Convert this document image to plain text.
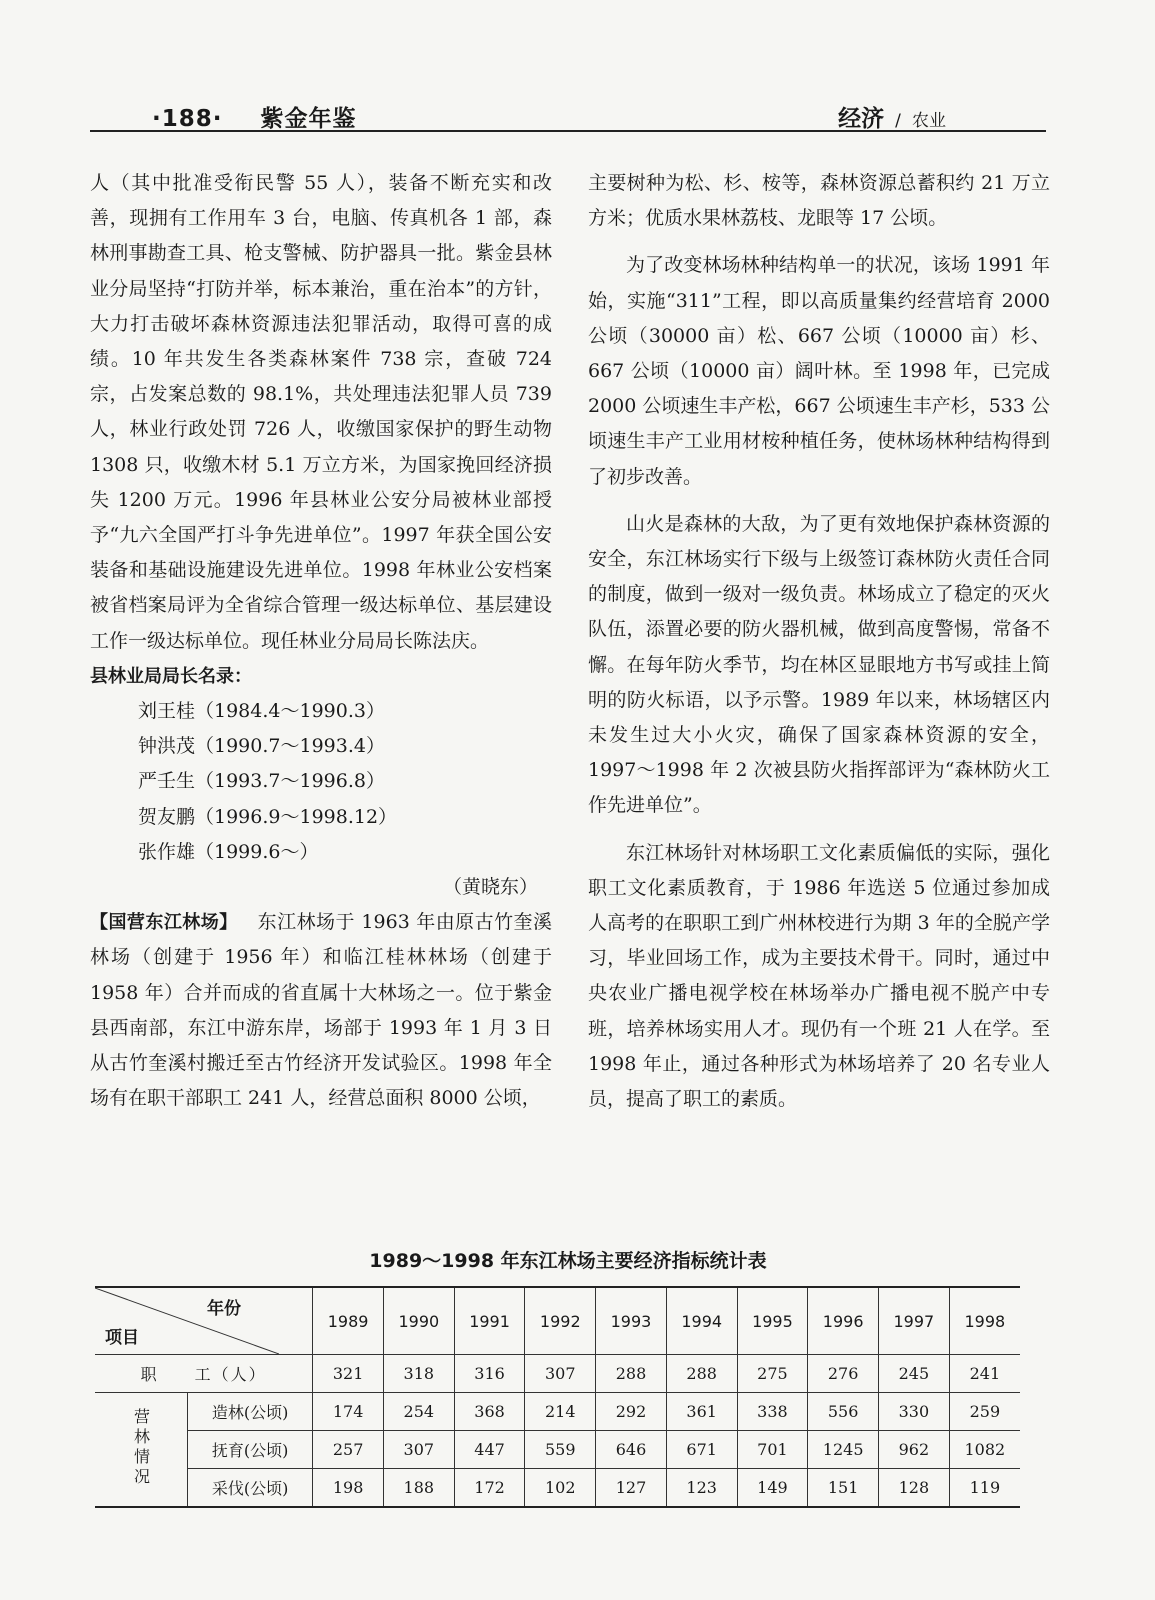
·188· 紫金年鉴	经济 / 农业

人（其中批准受衔民警 55 人），装备不断充实和改善，现拥有工作用车 3 台，电脑、传真机各 1 部，森林刑事勘查工具、枪支警械、防护器具一批。紫金县林业分局坚持“打防并举，标本兼治，重在治本”的方针，大力打击破坏森林资源违法犯罪活动，取得可喜的成绩。10 年共发生各类森林案件 738 宗，查破 724 宗，占发案总数的 98.1%，共处理违法犯罪人员 739 人，林业行政处罚 726 人，收缴国家保护的野生动物 1308 只，收缴木材 5.1 万立方米，为国家挽回经济损失 1200 万元。1996 年县林业公安分局被林业部授予“九六全国严打斗争先进单位”。1997 年获全国公安装备和基础设施建设先进单位。1998 年林业公安档案被省档案局评为全省综合管理一级达标单位、基层建设工作一级达标单位。现任林业分局局长陈法庆。

县林业局局长名录：
刘王桂（1984.4～1990.3）
钟洪茂（1990.7～1993.4）
严壬生（1993.7～1996.8）
贺友鹏（1996.9～1998.12）
张作雄（1999.6～）
（黄晓东）

【国营东江林场】 东江林场于 1963 年由原古竹奎溪林场（创建于 1956 年）和临江桂林林场（创建于 1958 年）合并而成的省直属十大林场之一。位于紫金县西南部，东江中游东岸，场部于 1993 年 1 月 3 日从古竹奎溪村搬迁至古竹经济开发试验区。1998 年全场有在职干部职工 241 人，经营总面积 8000 公顷，

主要树种为松、杉、桉等，森林资源总蓄积约 21 万立方米；优质水果林荔枝、龙眼等 17 公顷。

为了改变林场林种结构单一的状况，该场 1991 年始，实施“311”工程，即以高质量集约经营培育 2000 公顷（30000 亩）松、667 公顷（10000 亩）杉、667 公顷（10000 亩）阔叶林。至 1998 年，已完成 2000 公顷速生丰产松，667 公顷速生丰产杉，533 公顷速生丰产工业用材桉种植任务，使林场林种结构得到了初步改善。

山火是森林的大敌，为了更有效地保护森林资源的安全，东江林场实行下级与上级签订森林防火责任合同的制度，做到一级对一级负责。林场成立了稳定的灭火队伍，添置必要的防火器机械，做到高度警惕，常备不懈。在每年防火季节，均在林区显眼地方书写或挂上简明的防火标语，以予示警。1989 年以来，林场辖区内未发生过大小火灾，确保了国家森林资源的安全，1997～1998 年 2 次被县防火指挥部评为“森林防火工作先进单位”。

东江林场针对林场职工文化素质偏低的实际，强化职工文化素质教育，于 1986 年选送 5 位通过参加成人高考的在职职工到广州林校进行为期 3 年的全脱产学习，毕业回场工作，成为主要技术骨干。同时，通过中央农业广播电视学校在林场举办广播电视不脱产中专班，培养林场实用人才。现仍有一个班 21 人在学。至 1998 年止，通过各种形式为林场培养了 20 名专业人员，提高了职工的素质。

1989～1998 年东江林场主要经济指标统计表
年份
项目		1989	1990	1991	1992	1993	1994	1995	1996	1997	1998
职　　工（人）		321	318	316	307	288	288	275	276	245	241
营林情况	造林(公顷)	174	254	368	214	292	361	338	556	330	259
	抚育(公顷)	257	307	447	559	646	671	701	1245	962	1082
	采伐(公顷)	198	188	172	102	127	123	149	151	128	119
